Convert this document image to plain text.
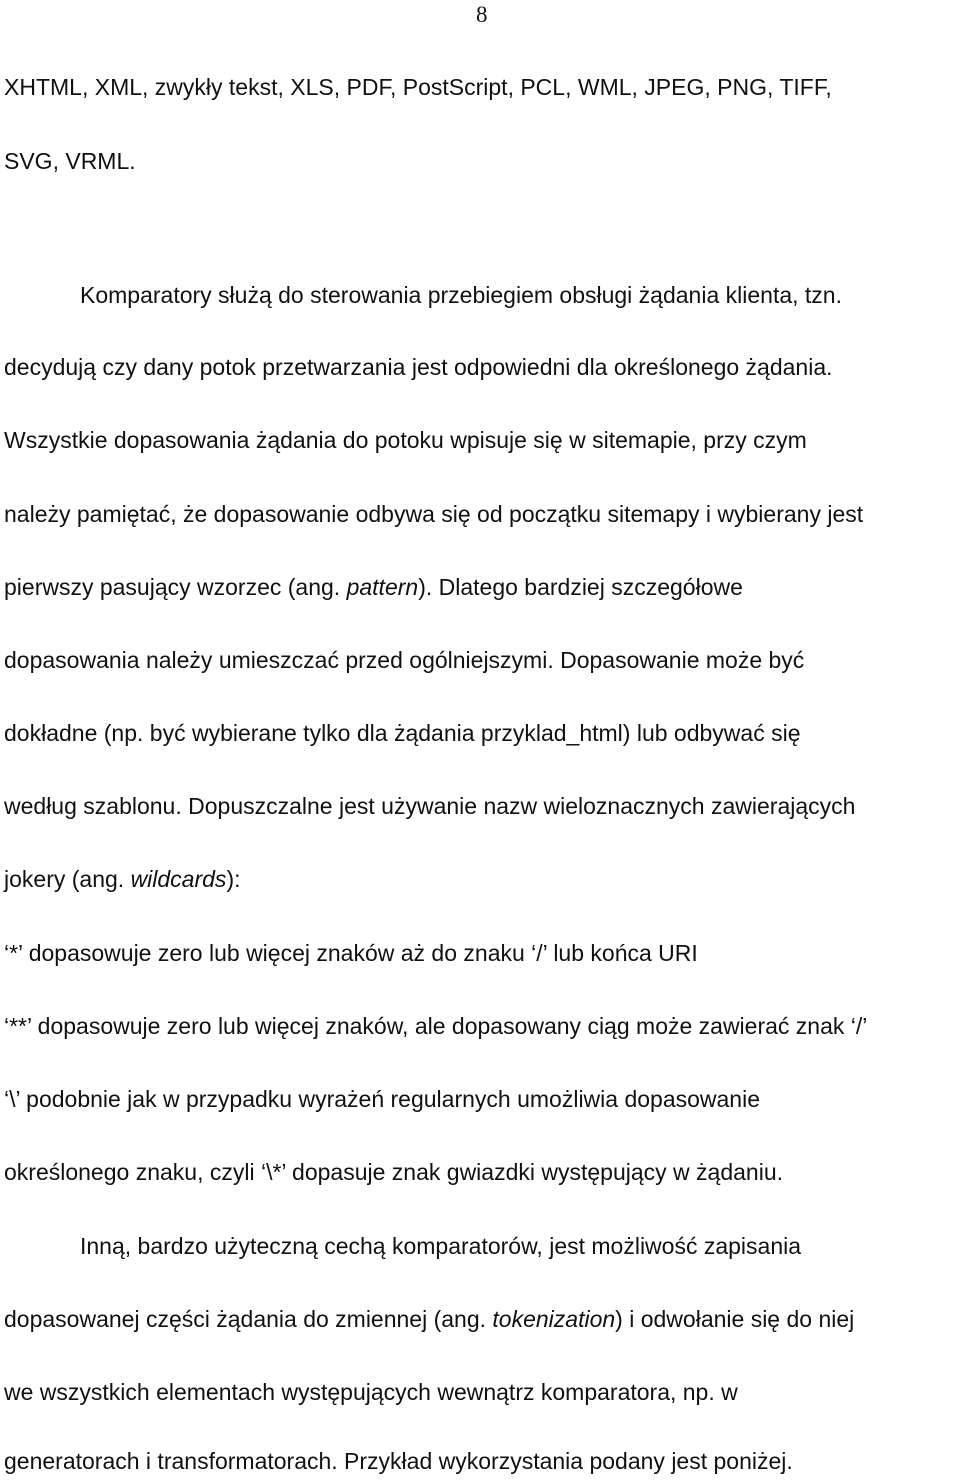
8
XHTML, XML, zwykły tekst, XLS, PDF, PostScript, PCL, WML, JPEG, PNG, TIFF,
SVG, VRML.
Komparatory służą do sterowania przebiegiem obsługi żądania klienta, tzn.
decydują czy dany potok przetwarzania jest odpowiedni dla określonego żądania.
Wszystkie dopasowania żądania do potoku wpisuje się w sitemapie, przy czym
należy pamiętać, że dopasowanie odbywa się od początku sitemapy i wybierany jest
pierwszy pasujący wzorzec (ang. pattern). Dlatego bardziej szczegółowe
dopasowania należy umieszczać przed ogólniejszymi. Dopasowanie może być
dokładne (np. być wybierane tylko dla żądania przyklad_html) lub odbywać się
według szablonu. Dopuszczalne jest używanie nazw wieloznacznych zawierających
jokery (ang. wildcards):
‘*’ dopasowuje zero lub więcej znaków aż do znaku ‘/’ lub końca URI
‘**’ dopasowuje zero lub więcej znaków, ale dopasowany ciąg może zawierać znak ‘/’
‘\’ podobnie jak w przypadku wyrażeń regularnych umożliwia dopasowanie
określonego znaku, czyli ‘\*’ dopasuje znak gwiazdki występujący w żądaniu.
Inną, bardzo użyteczną cechą komparatorów, jest możliwość zapisania
dopasowanej części żądania do zmiennej (ang. tokenization) i odwołanie się do niej
we wszystkich elementach występujących wewnątrz komparatora, np. w
generatorach i transformatorach. Przykład wykorzystania podany jest poniżej.
